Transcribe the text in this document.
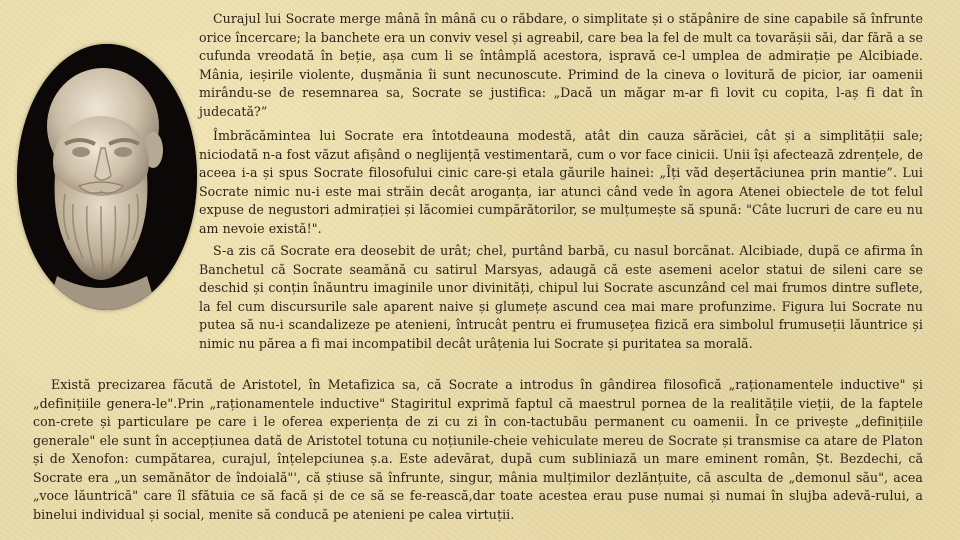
Curajul lui Socrate merge mână în mână cu o răbdare, o simplitate și o stăpânire de sine capabile să înfrunte orice încercare; la banchete era un conviv vesel și agreabil, care bea la fel de mult ca tovarășii săi, dar fără a se cufunda vreodată în beție, așa cum li se întâmplă acestora, ispravă ce-l umplea de admirație pe Alcibiade. Mânia, ieșirile violente, dușmănia îi sunt necunoscute. Primind de la cineva o lovitură de picior, iar oamenii mirându-se de resemnarea sa, Socrate se justifica: „Dacă un măgar m-ar fi lovit cu copita, l-aș fi dat în judecată?”
Îmbrăcămintea lui Socrate era întotdeauna modestă, atât din cauza sărăciei, cât și a simplității sale; niciodată n-a fost văzut afișând o neglijență vestimentară, cum o vor face cinicii. Unii își afectează zdrențele, de aceea i-a și spus Socrate filosofului cinic care-și etala găurile hainei: „Îți văd deșertăciunea prin mantie”. Lui Socrate nimic nu-i este mai străin decât aroganța, iar atunci când vede în agora Atenei obiectele de tot felul expuse de negustori admirației și lăcomiei cumpărătorilor, se mulțumește să spună: "Câte lucruri de care eu nu am nevoie există!".
S-a zis că Socrate era deosebit de urât; chel, purtând barbă, cu nasul borcănat. Alcibiade, după ce afirma în Banchetul că Socrate seamănă cu satirul Marsyas, adaugă că este asemeni acelor statui de sileni care se deschid și conțin înăuntru imaginile unor divinități, chipul lui Socrate ascunzând cel mai frumos dintre suflete, la fel cum discursurile sale aparent naive și glumețe ascund cea mai mare profunzime. Figura lui Socrate nu putea să nu-i scandalizeze pe atenieni, întrucât pentru ei frumusețea fizică era simbolul frumuseții lăuntrice și nimic nu părea a fi mai incompatibil decât urâțenia lui Socrate și puritatea sa morală.
Există precizarea făcută de Aristotel, în Metafizica sa, că Socrate a introdus în gândirea filosofică „raționamentele inductive" și „definițiile genera-le".Prin „raționamentele inductive" Stagiritul exprimă faptul că maestrul pornea de la realitățile vieții, de la faptele con-crete și particulare pe care i le oferea experiența de zi cu zi în con-tactubău permanent cu oamenii. În ce privește „definițiile generale" ele sunt în accepțiunea dată de Aristotel totuna cu noțiunile-cheie vehiculate mereu de Socrate și transmise ca atare de Platon și de Xenofon: cumpătarea, curajul, înțelepciunea ș.a. Este adevărat, după cum subliniază un mare eminent român, Șt. Bezdechi, că Socrate era „un semănător de îndoială"', că știuse să înfrunte, singur, mânia mulțimilor dezlănțuite, că asculta de „demonul său", acea „voce lăuntrică" care îl sfătuia ce să facă și de ce să se fe-rească,dar toate acestea erau puse numai și numai în slujba adevă-rului, a binelui individual și social, menite să conducă pe atenieni pe calea virtuții.
